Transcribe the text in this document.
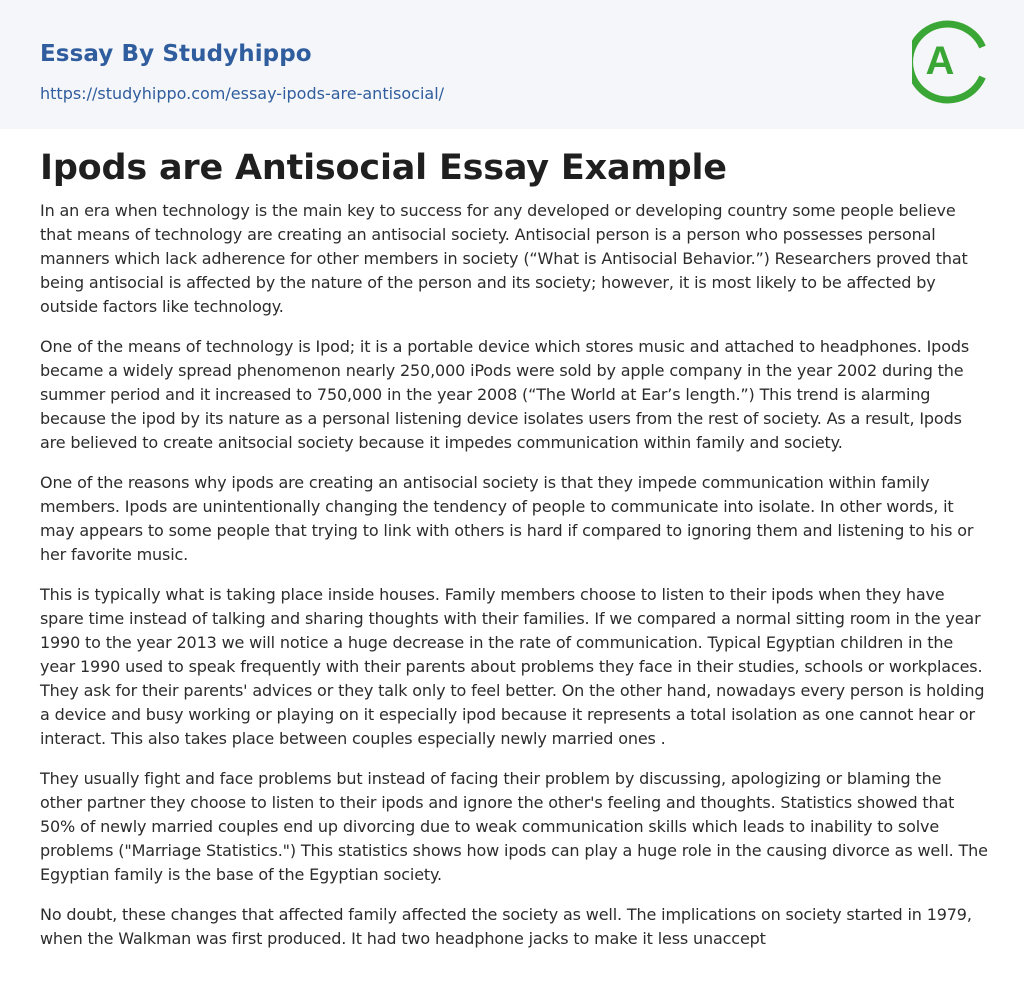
Essay By Studyhippo
https://studyhippo.com/essay-ipods-are-antisocial/
A
Ipods are Antisocial Essay Example

In an era when technology is the main key to success for any developed or developing country some people believe that means of technology are creating an antisocial society. Antisocial person is a person who possesses personal manners which lack adherence for other members in society (“What is Antisocial Behavior.”) Researchers proved that being antisocial is affected by the nature of the person and its society; however, it is most likely to be affected by outside factors like technology.

One of the means of technology is Ipod; it is a portable device which stores music and attached to headphones. Ipods became a widely spread phenomenon nearly 250,000 iPods were sold by apple company in the year 2002 during the summer period and it increased to 750,000 in the year 2008 (“The World at Ear’s length.”) This trend is alarming because the ipod by its nature as a personal listening device isolates users from the rest of society. As a result, Ipods are believed to create anitsocial society because it impedes communication within family and society.

One of the reasons why ipods are creating an antisocial society is that they impede communication within family members. Ipods are unintentionally changing the tendency of people to communicate into isolate. In other words, it may appears to some people that trying to link with others is hard if compared to ignoring them and listening to his or her favorite music.

This is typically what is taking place inside houses. Family members choose to listen to their ipods when they have spare time instead of talking and sharing thoughts with their families. If we compared a normal sitting room in the year 1990 to the year 2013 we will notice a huge decrease in the rate of communication. Typical Egyptian children in the year 1990 used to speak frequently with their parents about problems they face in their studies, schools or workplaces. They ask for their parents' advices or they talk only to feel better. On the other hand, nowadays every person is holding a device and busy working or playing on it especially ipod because it represents a total isolation as one cannot hear or interact. This also takes place between couples especially newly married ones .

They usually fight and face problems but instead of facing their problem by discussing, apologizing or blaming the other partner they choose to listen to their ipods and ignore the other's feeling and thoughts. Statistics showed that 50% of newly married couples end up divorcing due to weak communication skills which leads to inability to solve problems ("Marriage Statistics.") This statistics shows how ipods can play a huge role in the causing divorce as well. The Egyptian family is the base of the Egyptian society.

No doubt, these changes that affected family affected the society as well. The implications on society started in 1979, when the Walkman was first produced. It had two headphone jacks to make it less unaccept
